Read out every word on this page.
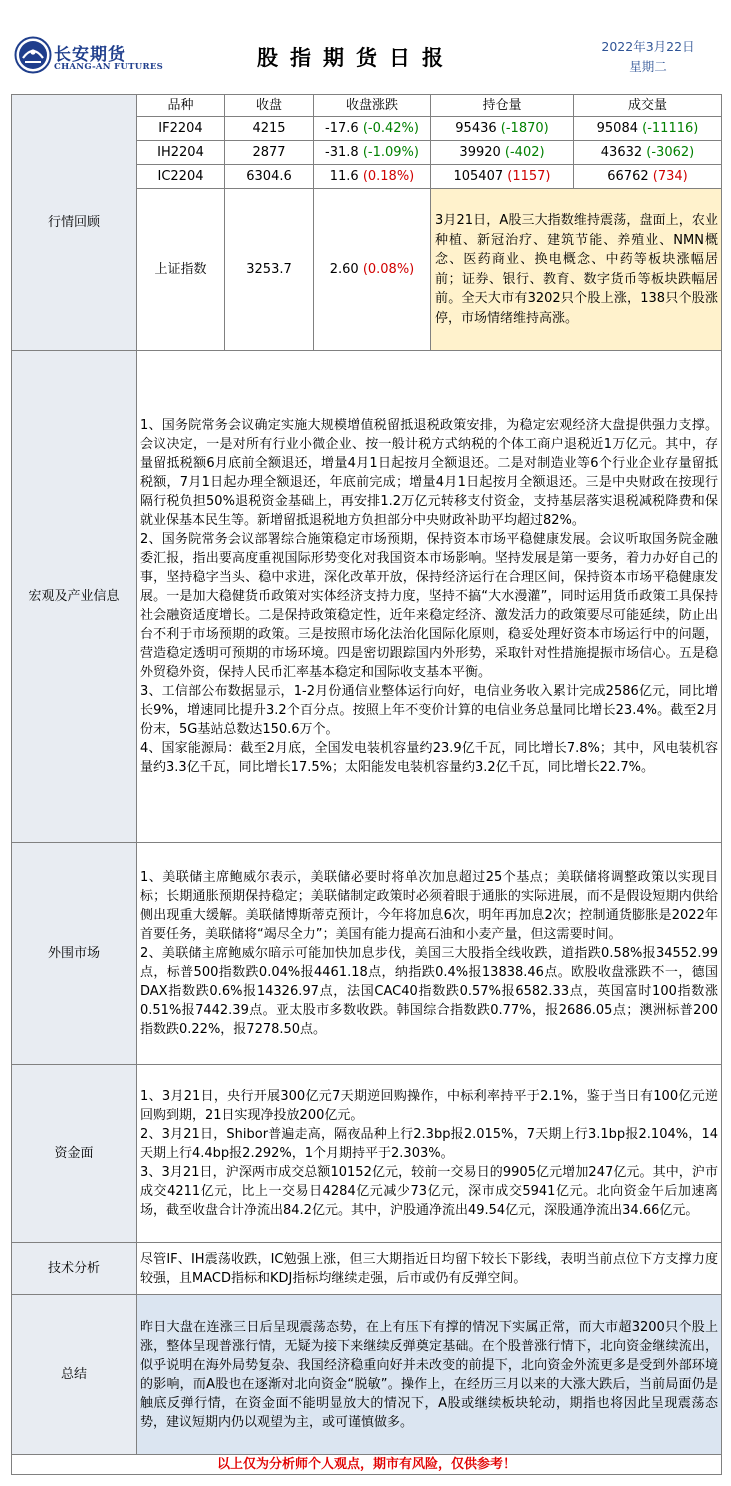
长安期货
CHANG-AN FUTURES	股指期货日报	2022年3月22日
星期二
行情回顾	品种	收盘	收盘涨跌	持仓量	成交量
	IF2204	4215	-17.6 (-0.42%)	95436 (-1870)	95084 (-11116)
	IH2204	2877	-31.8 (-1.09%)	39920 (-402)	43632 (-3062)
	IC2204	6304.6	11.6 (0.18%)	105407 (1157)	66762 (734)
	上证指数	3253.7	2.60 (0.08%)	3月21日，A股三大指数维持震荡，盘面上，农业种植、新冠治疗、建筑节能、养殖业、NMN概念、医药商业、换电概念、中药等板块涨幅居前；证券、银行、教育、数字货币等板块跌幅居前。全天大市有3202只个股上涨，138只个股涨停，市场情绪维持高涨。	
宏观及产业信息	1、国务院常务会议确定实施大规模增值税留抵退税政策安排，为稳定宏观经济大盘提供强力支撑。会议决定，一是对所有行业小微企业、按一般计税方式纳税的个体工商户退税近1万亿元。其中，存量留抵税额6月底前全额退还，增量4月1日起按月全额退还。二是对制造业等6个行业企业存量留抵税额，7月1日起办理全额退还，年底前完成；增量4月1日起按月全额退还。三是中央财政在按现行隔行税负担50%退税资金基础上，再安排1.2万亿元转移支付资金，支持基层落实退税减税降费和保就业保基本民生等。新增留抵退税地方负担部分中央财政补助平均超过82%。
2、国务院常务会议部署综合施策稳定市场预期，保持资本市场平稳健康发展。会议听取国务院金融委汇报，指出要高度重视国际形势变化对我国资本市场影响。坚持发展是第一要务，着力办好自己的事，坚持稳字当头、稳中求进，深化改革开放，保持经济运行在合理区间，保持资本市场平稳健康发展。一是加大稳健货币政策对实体经济支持力度，坚持不搞“大水漫灌”，同时运用货币政策工具保持社会融资适度增长。二是保持政策稳定性，近年来稳定经济、激发活力的政策要尽可能延续，防止出台不利于市场预期的政策。三是按照市场化法治化国际化原则，稳妥处理好资本市场运行中的问题，营造稳定透明可预期的市场环境。四是密切跟踪国内外形势，采取针对性措施提振市场信心。五是稳外贸稳外资，保持人民币汇率基本稳定和国际收支基本平衡。
3、工信部公布数据显示，1-2月份通信业整体运行向好，电信业务收入累计完成2586亿元，同比增长9%，增速同比提升3.2个百分点。按照上年不变价计算的电信业务总量同比增长23.4%。截至2月份末，5G基站总数达150.6万个。
4、国家能源局：截至2月底，全国发电装机容量约23.9亿千瓦，同比增长7.8%；其中，风电装机容量约3.3亿千瓦，同比增长17.5%；太阳能发电装机容量约3.2亿千瓦，同比增长22.7%。				

外围市场	1、美联储主席鲍威尔表示，美联储必要时将单次加息超过25个基点；美联储将调整政策以实现目标；长期通胀预期保持稳定；美联储制定政策时必须着眼于通胀的实际进展，而不是假设短期内供给侧出现重大缓解。美联储博斯蒂克预计，今年将加息6次，明年再加息2次；控制通货膨胀是2022年首要任务，美联储将“竭尽全力”；美国有能力提高石油和小麦产量，但这需要时间。
2、美联储主席鲍威尔暗示可能加快加息步伐，美国三大股指全线收跌，道指跌0.58%报34552.99点，标普500指数跌0.04%报4461.18点，纳指跌0.4%报13838.46点。欧股收盘涨跌不一，德国DAX指数跌0.6%报14326.97点，法国CAC40指数跌0.57%报6582.33点，英国富时100指数涨0.51%报7442.39点。亚太股市多数收跌。韩国综合指数跌0.77%，报2686.05点；澳洲标普200指数跌0.22%，报7278.50点。				

资金面	1、3月21日，央行开展300亿元7天期逆回购操作，中标利率持平于2.1%，鉴于当日有100亿元逆回购到期，21日实现净投放200亿元。
2、3月21日，Shibor普遍走高，隔夜品种上行2.3bp报2.015%，7天期上行3.1bp报2.104%，14天期上行4.4bp报2.292%，1个月期持平于2.303%。
3、3月21日，沪深两市成交总额10152亿元，较前一交易日的9905亿元增加247亿元。其中，沪市成交4211亿元，比上一交易日4284亿元减少73亿元，深市成交5941亿元。北向资金午后加速离场，截至收盘合计净流出84.2亿元。其中，沪股通净流出49.54亿元，深股通净流出34.66亿元。				

技术分析	尽管IF、IH震荡收跌，IC勉强上涨，但三大期指近日均留下较长下影线，表明当前点位下方支撑力度较强，且MACD指标和KDJ指标均继续走强，后市或仍有反弹空间。				
总结	昨日大盘在连涨三日后呈现震荡态势，在上有压下有撑的情况下实属正常，而大市超3200只个股上涨，整体呈现普涨行情，无疑为接下来继续反弹奠定基础。在个股普涨行情下，北向资金继续流出，似乎说明在海外局势复杂、我国经济稳重向好并未改变的前提下，北向资金外流更多是受到外部环境的影响，而A股也在逐渐对北向资金“脱敏”。操作上，在经历三月以来的大涨大跌后，当前局面仍是触底反弹行情，在资金面不能明显放大的情况下，A股或继续板块轮动，期指也将因此呈现震荡态势，建议短期内仍以观望为主，或可谨慎做多。				
以上仅为分析师个人观点，期市有风险，仅供参考！					
